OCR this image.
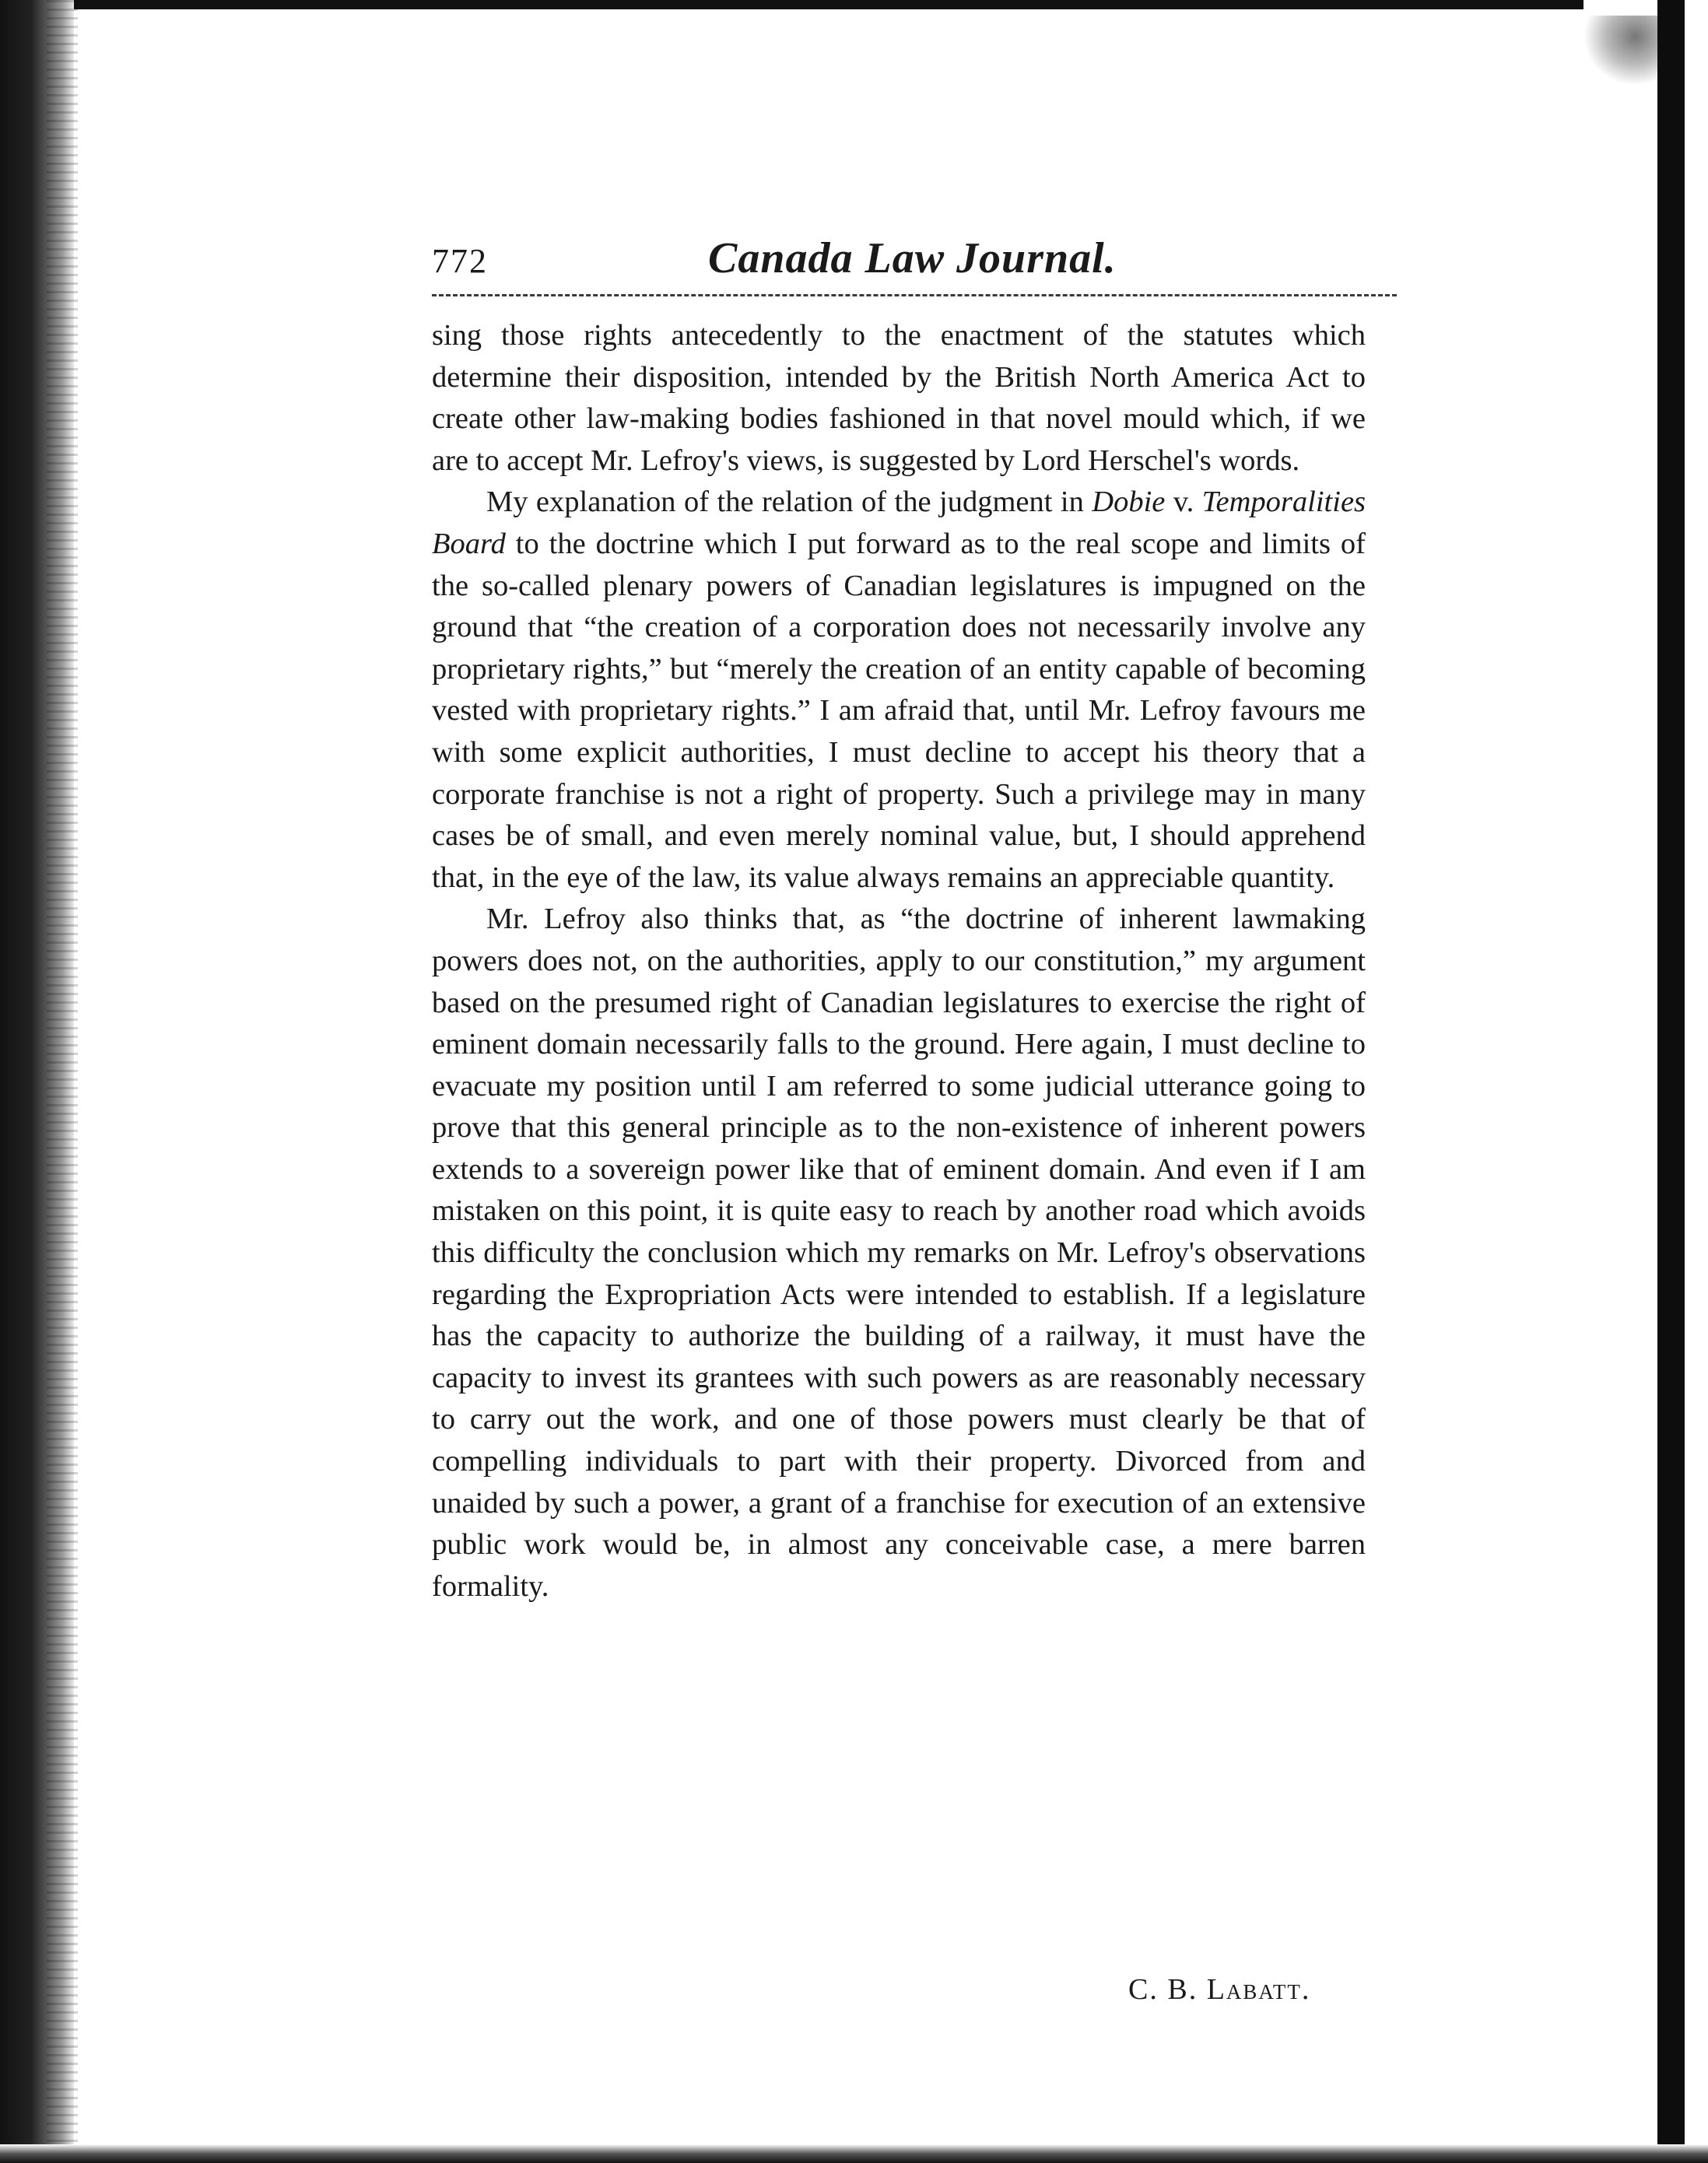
772	Canada Law Journal.

sing those rights antecedently to the enactment of the statutes which determine their disposition, intended by the British North America Act to create other law-making bodies fashioned in that novel mould which, if we are to accept Mr. Lefroy's views, is suggested by Lord Herschel's words.

My explanation of the relation of the judgment in Dobie v. Temporalities Board to the doctrine which I put forward as to the real scope and limits of the so-called plenary powers of Canadian legislatures is impugned on the ground that “the creation of a corporation does not necessarily involve any proprietary rights,” but “merely the creation of an entity capable of becoming vested with proprietary rights.” I am afraid that, until Mr. Lefroy favours me with some explicit authorities, I must decline to accept his theory that a corporate franchise is not a right of property. Such a privilege may in many cases be of small, and even merely nominal value, but, I should apprehend that, in the eye of the law, its value always remains an appreciable quantity.

Mr. Lefroy also thinks that, as “the doctrine of inherent lawmaking powers does not, on the authorities, apply to our constitution,” my argument based on the presumed right of Canadian legislatures to exercise the right of eminent domain necessarily falls to the ground. Here again, I must decline to evacuate my position until I am referred to some judicial utterance going to prove that this general principle as to the non-existence of inherent powers extends to a sovereign power like that of eminent domain. And even if I am mistaken on this point, it is quite easy to reach by another road which avoids this difficulty the conclusion which my remarks on Mr. Lefroy's observations regarding the Expropriation Acts were intended to establish. If a legislature has the capacity to authorize the building of a railway, it must have the capacity to invest its grantees with such powers as are reasonably necessary to carry out the work, and one of those powers must clearly be that of compelling individuals to part with their property. Divorced from and unaided by such a power, a grant of a franchise for execution of an extensive public work would be, in almost any conceivable case, a mere barren formality.

C. B. Labatt.
